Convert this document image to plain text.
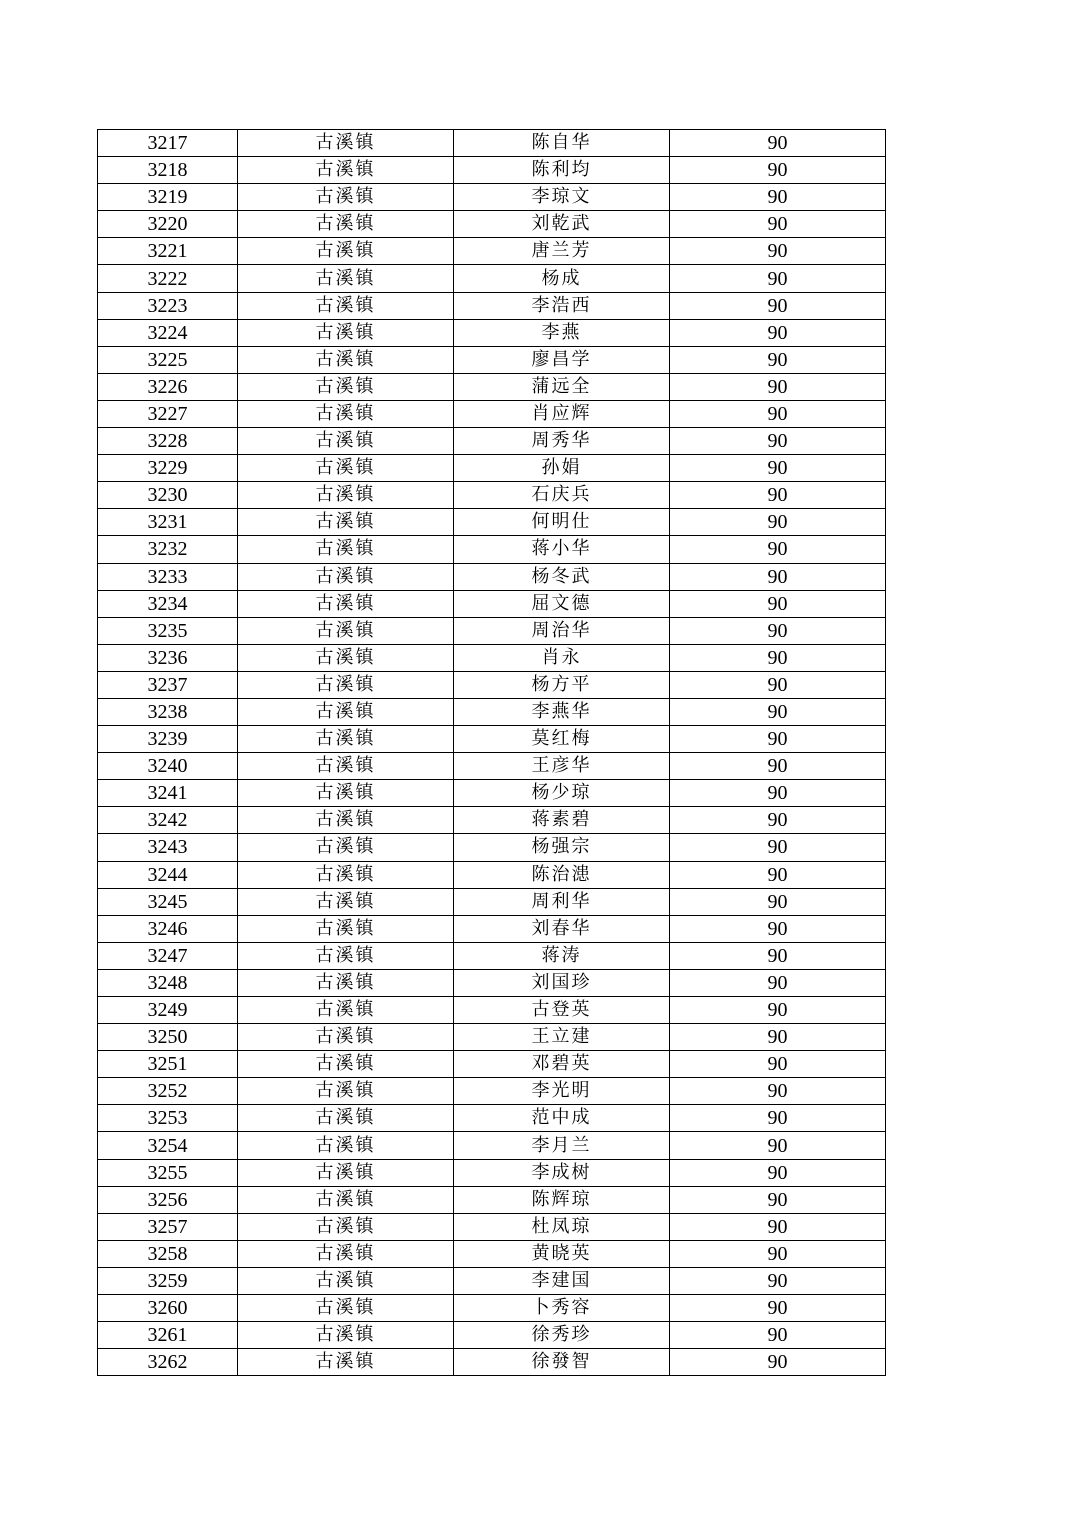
3217	古溪镇	陈自华	90
3218	古溪镇	陈利均	90
3219	古溪镇	李琼文	90
3220	古溪镇	刘乾武	90
3221	古溪镇	唐兰芳	90
3222	古溪镇	杨成	90
3223	古溪镇	李浩西	90
3224	古溪镇	李燕	90
3225	古溪镇	廖昌学	90
3226	古溪镇	蒲远全	90
3227	古溪镇	肖应辉	90
3228	古溪镇	周秀华	90
3229	古溪镇	孙娟	90
3230	古溪镇	石庆兵	90
3231	古溪镇	何明仕	90
3232	古溪镇	蒋小华	90
3233	古溪镇	杨冬武	90
3234	古溪镇	屈文德	90
3235	古溪镇	周治华	90
3236	古溪镇	肖永	90
3237	古溪镇	杨方平	90
3238	古溪镇	李燕华	90
3239	古溪镇	莫红梅	90
3240	古溪镇	王彦华	90
3241	古溪镇	杨少琼	90
3242	古溪镇	蒋素碧	90
3243	古溪镇	杨强宗	90
3244	古溪镇	陈治漶	90
3245	古溪镇	周利华	90
3246	古溪镇	刘春华	90
3247	古溪镇	蒋涛	90
3248	古溪镇	刘国珍	90
3249	古溪镇	古登英	90
3250	古溪镇	王立建	90
3251	古溪镇	邓碧英	90
3252	古溪镇	李光明	90
3253	古溪镇	范中成	90
3254	古溪镇	李月兰	90
3255	古溪镇	李成树	90
3256	古溪镇	陈辉琼	90
3257	古溪镇	杜凤琼	90
3258	古溪镇	黄晓英	90
3259	古溪镇	李建国	90
3260	古溪镇	卜秀容	90
3261	古溪镇	徐秀珍	90
3262	古溪镇	徐發智	90
